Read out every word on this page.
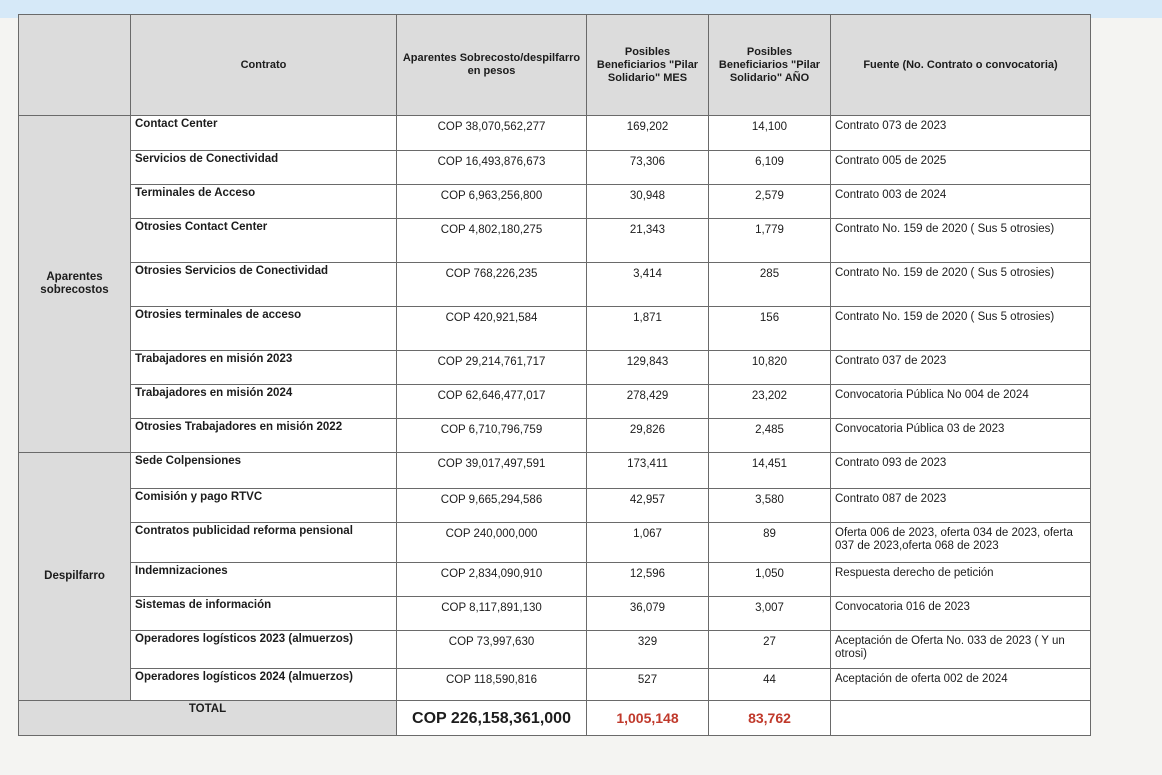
	Contrato	Aparentes Sobrecosto/despilfarro en pesos	Posibles Beneficiarios "Pilar Solidario" MES	Posibles Beneficiarios "Pilar Solidario" AÑO	Fuente (No. Contrato o convocatoria)
Aparentes sobrecostos	Contact Center	COP 38,070,562,277	169,202	14,100	Contrato 073 de 2023
	Servicios de Conectividad	COP 16,493,876,673	73,306	6,109	Contrato 005 de 2025
	Terminales de Acceso	COP 6,963,256,800	30,948	2,579	Contrato 003 de 2024
	Otrosies Contact Center	COP 4,802,180,275	21,343	1,779	Contrato No. 159 de 2020 ( Sus 5 otrosies)
	Otrosies Servicios de Conectividad	COP 768,226,235	3,414	285	Contrato No. 159 de 2020 ( Sus 5 otrosies)
	Otrosies terminales de acceso	COP 420,921,584	1,871	156	Contrato No. 159 de 2020 ( Sus 5 otrosies)
	Trabajadores en misión 2023	COP 29,214,761,717	129,843	10,820	Contrato 037 de 2023
	Trabajadores en misión 2024	COP 62,646,477,017	278,429	23,202	Convocatoria Pública No 004 de 2024
	Otrosies Trabajadores en misión 2022	COP 6,710,796,759	29,826	2,485	Convocatoria Pública 03 de 2023
Despilfarro	Sede Colpensiones	COP 39,017,497,591	173,411	14,451	Contrato 093 de 2023
	Comisión y pago RTVC	COP 9,665,294,586	42,957	3,580	Contrato 087 de 2023
	Contratos publicidad reforma pensional	COP 240,000,000	1,067	89	Oferta 006 de 2023, oferta 034 de 2023, oferta 037 de 2023,oferta 068 de 2023
	Indemnizaciones	COP 2,834,090,910	12,596	1,050	Respuesta derecho de petición
	Sistemas de información	COP 8,117,891,130	36,079	3,007	Convocatoria 016 de 2023
	Operadores logísticos 2023 (almuerzos)	COP 73,997,630	329	27	Aceptación de Oferta No. 033 de 2023 ( Y un otrosi)
	Operadores logísticos 2024 (almuerzos)	COP 118,590,816	527	44	Aceptación de oferta 002 de 2024
TOTAL		COP 226,158,361,000	1,005,148	83,762	
